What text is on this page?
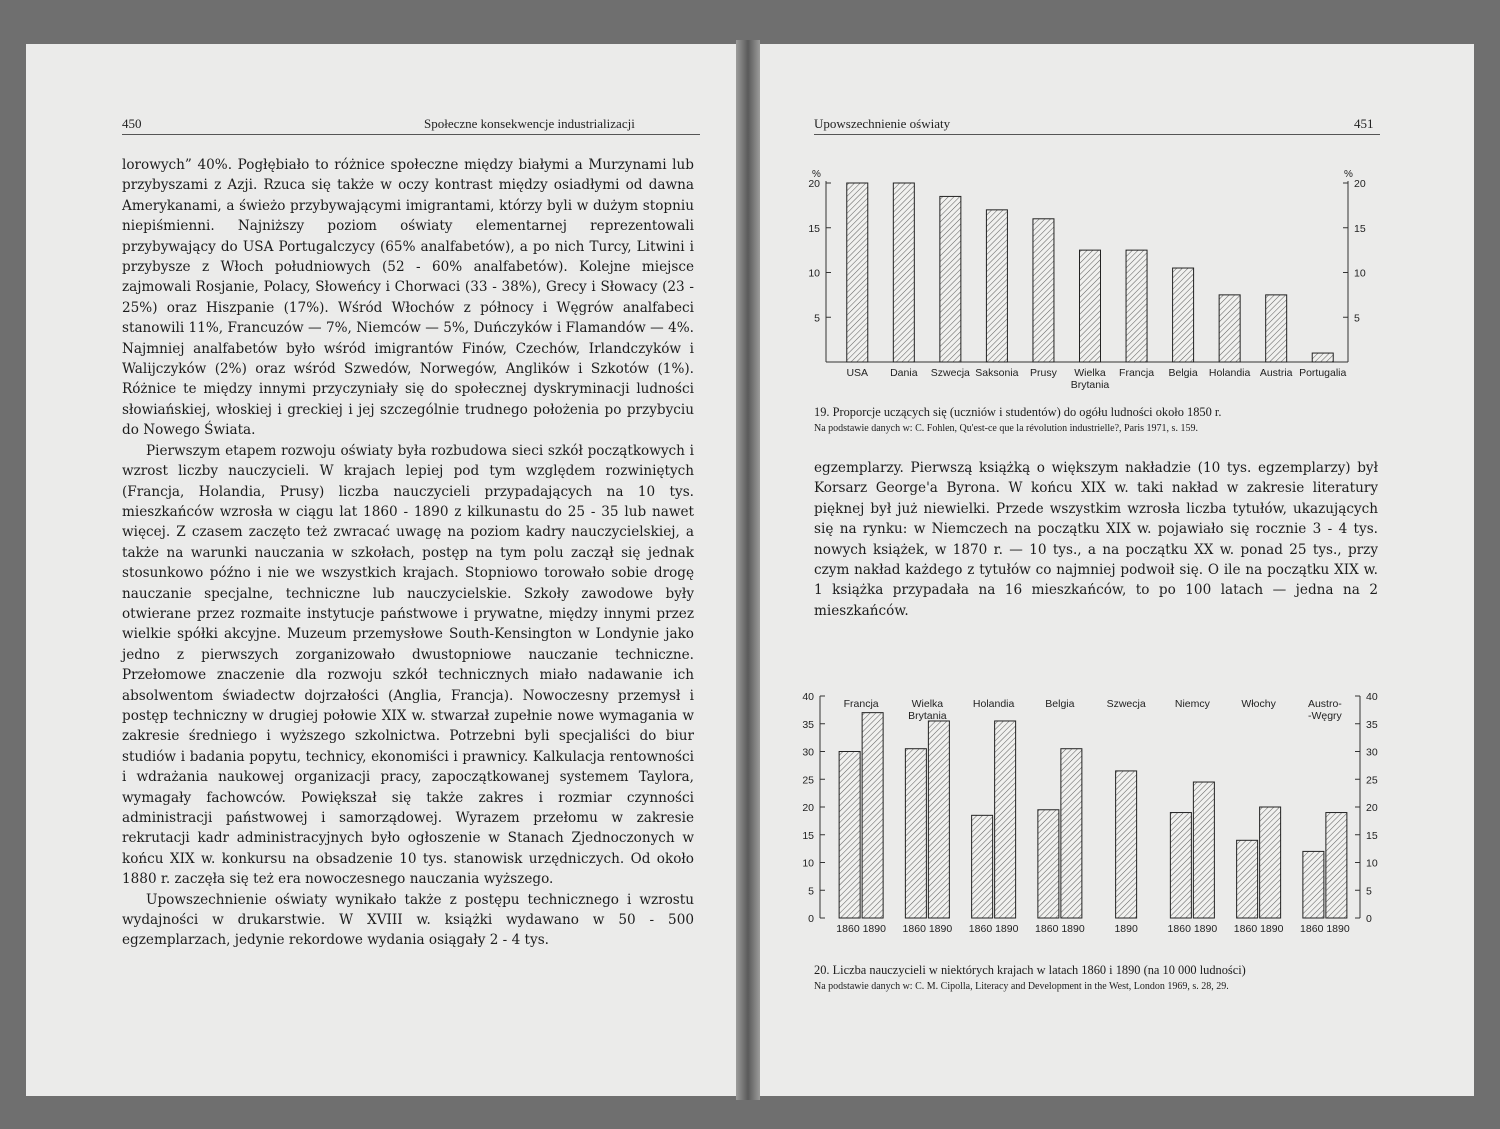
450	Społeczne konsekwencje industrializacji

lorowych” 40%. Pogłębiało to różnice społeczne między białymi a Murzynami lub przybyszami z Azji. Rzuca się także w oczy kontrast między osiadłymi od dawna Amerykanami, a świeżo przybywającymi imigrantami, którzy byli w dużym stopniu niepiśmienni. Najniższy poziom oświaty elementarnej reprezentowali przybywający do USA Portugalczycy (65% analfabetów), a po nich Turcy, Litwini i przybysze z Włoch południowych (52 - 60% analfabetów). Kolejne miejsce zajmowali Rosjanie, Polacy, Słoweńcy i Chorwaci (33 - 38%), Grecy i Słowacy (23 - 25%) oraz Hiszpanie (17%). Wśród Włochów z północy i Węgrów analfabeci stanowili 11%, Francuzów — 7%, Niemców — 5%, Duńczyków i Flamandów — 4%. Najmniej analfabetów było wśród imigrantów Finów, Czechów, Irlandczyków i Walijczyków (2%) oraz wśród Szwedów, Norwegów, Anglików i Szkotów (1%). Różnice te między innymi przyczyniały się do społecznej dyskryminacji ludności słowiańskiej, włoskiej i greckiej i jej szczególnie trudnego położenia po przybyciu do Nowego Świata.

Pierwszym etapem rozwoju oświaty była rozbudowa sieci szkół początkowych i wzrost liczby nauczycieli. W krajach lepiej pod tym względem rozwiniętych (Francja, Holandia, Prusy) liczba nauczycieli przypadających na 10 tys. mieszkańców wzrosła w ciągu lat 1860 - 1890 z kilkunastu do 25 - 35 lub nawet więcej. Z czasem zaczęto też zwracać uwagę na poziom kadry nauczycielskiej, a także na warunki nauczania w szkołach, postęp na tym polu zaczął się jednak stosunkowo późno i nie we wszystkich krajach. Stopniowo torowało sobie drogę nauczanie specjalne, techniczne lub nauczycielskie. Szkoły zawodowe były otwierane przez rozmaite instytucje państwowe i prywatne, między innymi przez wielkie spółki akcyjne. Muzeum przemysłowe South-Kensington w Londynie jako jedno z pierwszych zorganizowało dwustopniowe nauczanie techniczne. Przełomowe znaczenie dla rozwoju szkół technicznych miało nadawanie ich absolwentom świadectw dojrzałości (Anglia, Francja). Nowoczesny przemysł i postęp techniczny w drugiej połowie XIX w. stwarzał zupełnie nowe wymagania w zakresie średniego i wyższego szkolnictwa. Potrzebni byli specjaliści do biur studiów i badania popytu, technicy, ekonomiści i prawnicy. Kalkulacja rentowności i wdrażania naukowej organizacji pracy, zapoczątkowanej systemem Taylora, wymagały fachowców. Powiększał się także zakres i rozmiar czynności administracji państwowej i samorządowej. Wyrazem przełomu w zakresie rekrutacji kadr administracyjnych było ogłoszenie w Stanach Zjednoczonych w końcu XIX w. konkursu na obsadzenie 10 tys. stanowisk urzędniczych. Od około 1880 r. zaczęła się też era nowoczesnego nauczania wyższego.

Upowszechnienie oświaty wynikało także z postępu technicznego i wzrostu wydajności w drukarstwie. W XVIII w. książki wydawano w 50 - 500 egzemplarzach, jedynie rekordowe wydania osiągały 2 - 4 tys.

Upowszechnienie oświaty	451
%	%
5	5
10	10
15	15
20	20
USA Dania Szwecja Saksonia Prusy Wielka
Brytania
Francja Belgia Holandia Austria Portugalia
19. Proporcje uczących się (uczniów i studentów) do ogółu ludności około 1850 r.
Na podstawie danych w: C. Fohlen, Qu'est-ce que la révolution industrielle?, Paris 1971, s. 159.

egzemplarzy. Pierwszą książką o większym nakładzie (10 tys. egzemplarzy) był Korsarz George'a Byrona. W końcu XIX w. taki nakład w zakresie literatury pięknej był już niewielki. Przede wszystkim wzrosła liczba tytułów, ukazujących się na rynku: w Niemczech na początku XIX w. pojawiało się rocznie 3 - 4 tys. nowych książek, w 1870 r. — 10 tys., a na początku XX w. ponad 25 tys., przy czym nakład każdego z tytułów co najmniej podwoił się. O ile na początku XIX w. 1 książka przypadała na 16 mieszkańców, to po 100 latach — jedna na 2 mieszkańców.

0	0
5	5
10	10
15	15
20	20
25	25
30	30
35	35
40	40
1860 1890
Francja
1860 1890
Wielka
Brytania
1860 1890
Holandia
1860 1890
Belgia
1890
Szwecja
1860 1890
Niemcy
1860 1890
Włochy
1860 1890
Austro-
-Węgry
20. Liczba nauczycieli w niektórych krajach w latach 1860 i 1890 (na 10 000 ludności)
Na podstawie danych w: C. M. Cipolla, Literacy and Development in the West, London 1969, s. 28, 29.
